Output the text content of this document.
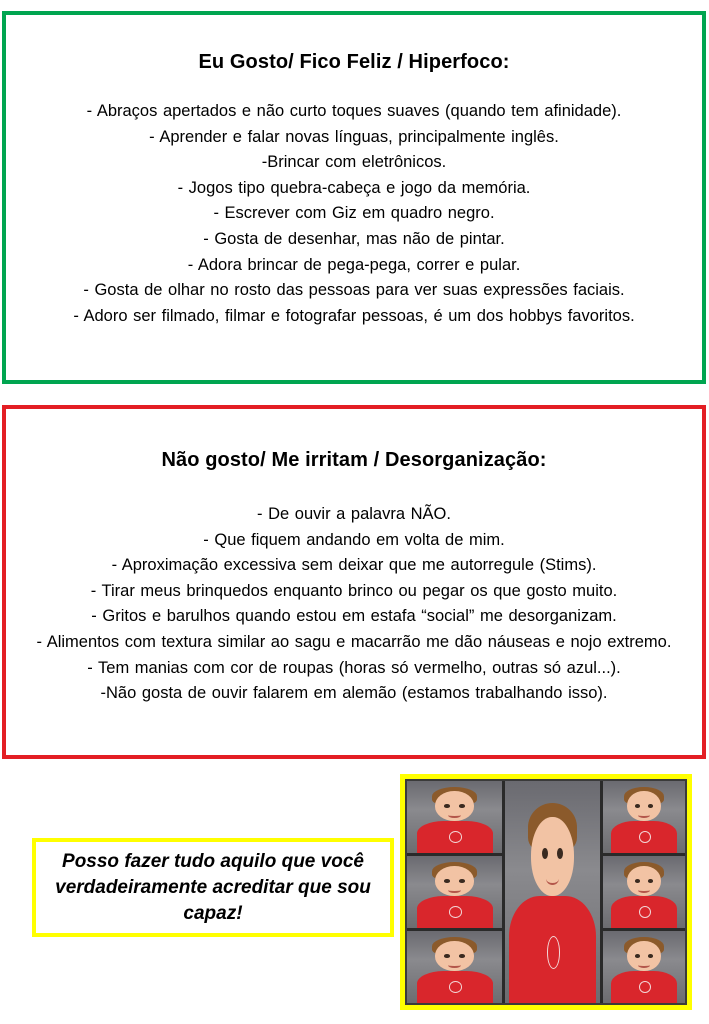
Eu Gosto/ Fico Feliz / Hiperfoco:
- Abraços apertados e não curto toques suaves (quando tem afinidade).
- Aprender e falar novas línguas, principalmente inglês.
-Brincar com eletrônicos.
- Jogos tipo quebra-cabeça e jogo da memória.
- Escrever com Giz em quadro negro.
- Gosta de desenhar, mas não de pintar.
- Adora brincar de pega-pega, correr e pular.
- Gosta de olhar no rosto das pessoas para ver suas expressões faciais.
- Adoro ser filmado, filmar e fotografar pessoas, é um dos hobbys favoritos.
Não gosto/ Me irritam / Desorganização:
- De ouvir a palavra NÃO.
- Que fiquem andando em volta de mim.
- Aproximação excessiva sem deixar que me autorregule (Stims).
- Tirar meus brinquedos enquanto brinco ou pegar os que gosto muito.
- Gritos e barulhos quando estou em estafa “social” me desorganizam.
- Alimentos com textura similar ao sagu e macarrão me dão náuseas e nojo extremo.
- Tem manias com cor de roupas (horas só vermelho, outras só azul...).
-Não gosta de ouvir falarem em alemão (estamos trabalhando isso).

Posso fazer tudo aquilo que você verdadeiramente acreditar que sou capaz!
